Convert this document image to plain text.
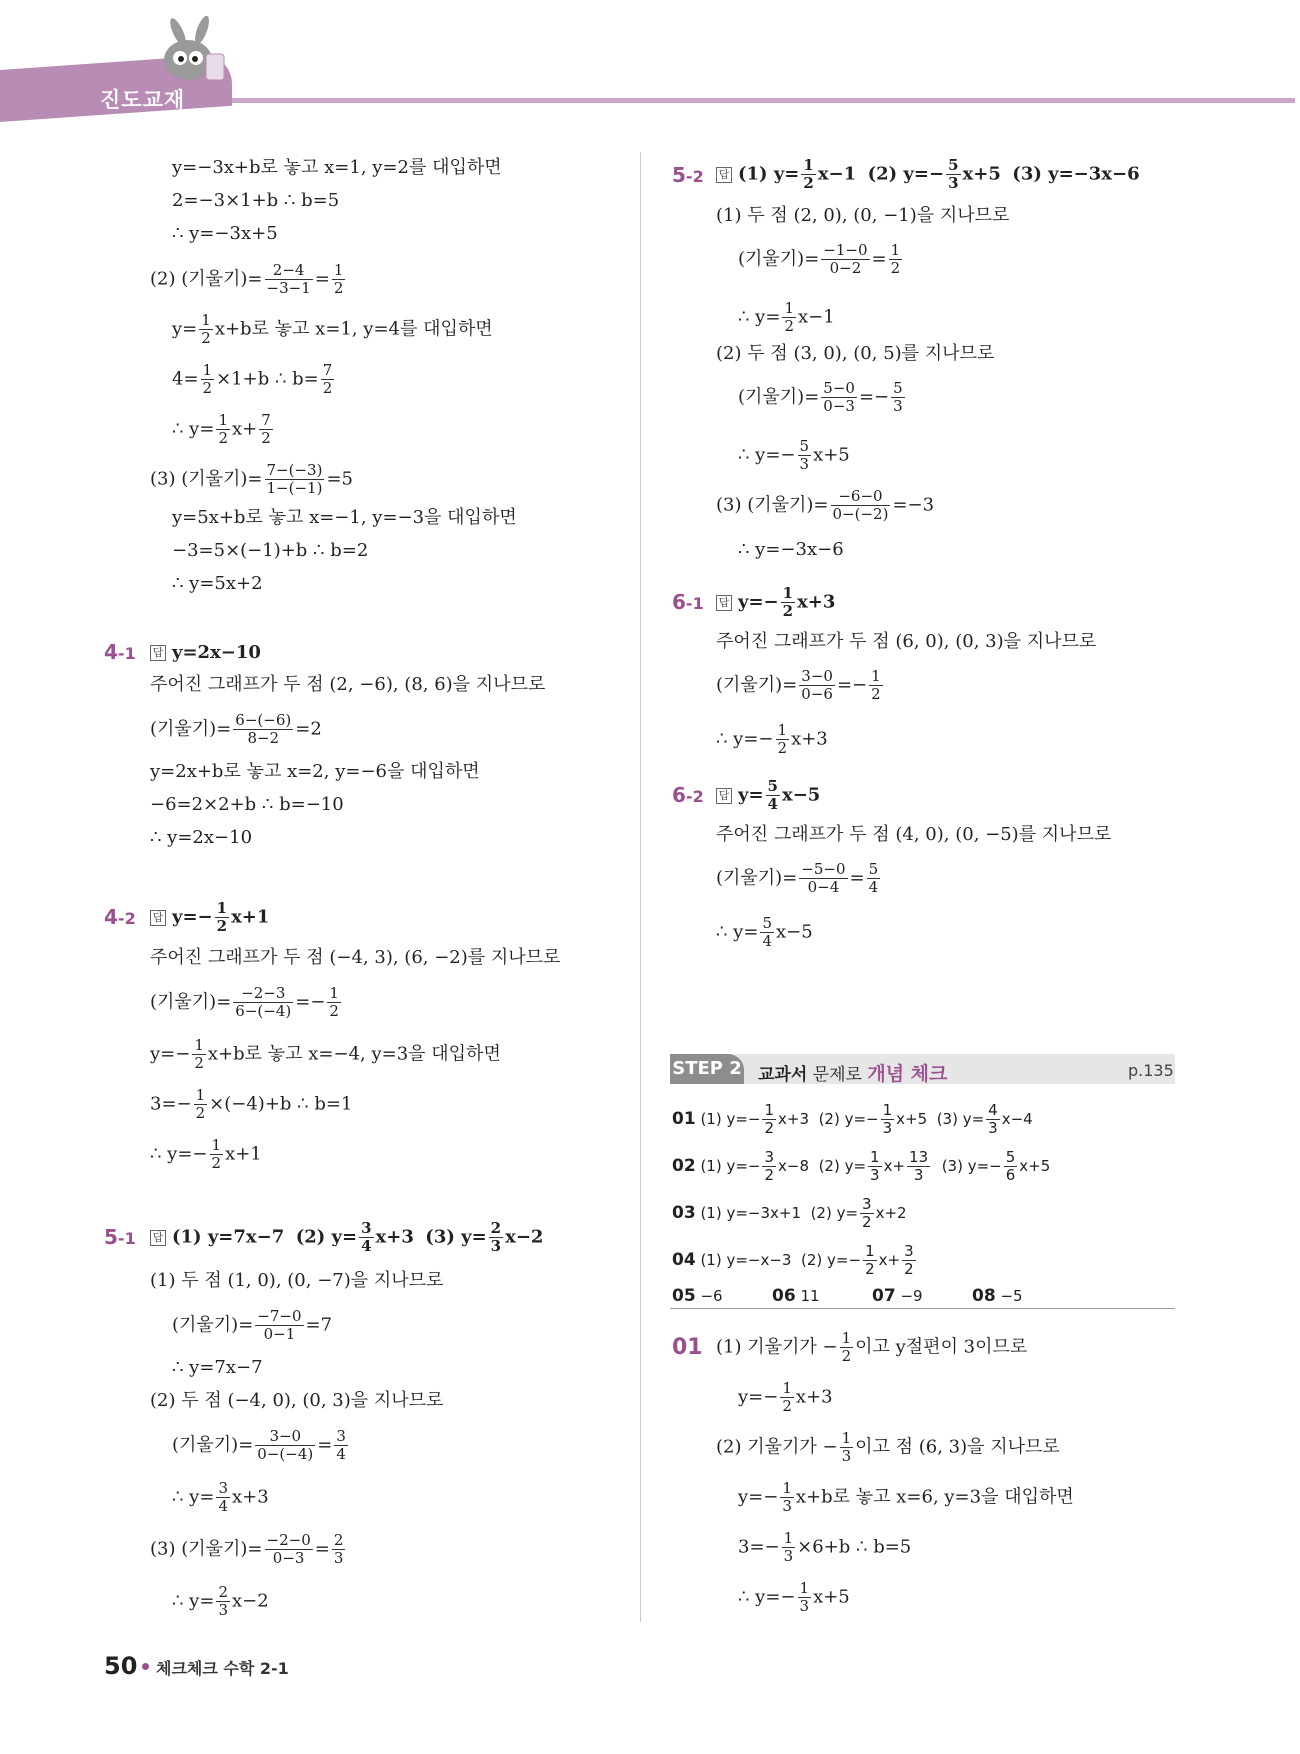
진도교재
y=−3x+b로 놓고 x=1, y=2를 대입하면
2=−3×1+b ∴ b=5
∴ y=−3x+5
(2) (기울기)= $\frac{2-4}{-3-1} = \frac{1}{2}$
$y= \frac{1}{2} x+b$로 놓고 x=1, y=4를 대입하면
$4= \frac{1}{2} \times 1+b$ ∴ $b= \frac{7}{2}$
∴ $y= \frac{1}{2} x+ \frac{7}{2}$
(3) (기울기)= $\frac{7-(-3)}{1-(-1)} =5$
y=5x+b로 놓고 x=−1, y=−3을 대입하면
−3=5×(−1)+b ∴ b=2
∴ y=5x+2
4-1 답 y=2x−10
주어진 그래프가 두 점 (2, −6), (8, 6)을 지나므로
(기울기)= $\frac{6-(-6)}{8-2} =2$
y=2x+b로 놓고 x=2, y=−6을 대입하면
−6=2×2+b ∴ b=−10
∴ y=2x−10
4-2 답 $y=- \frac{1}{2} x+1$
주어진 그래프가 두 점 (−4, 3), (6, −2)를 지나므로
(기울기)= $\frac{-2-3}{6-(-4)} =- \frac{1}{2}$
$y=- \frac{1}{2} x+b$로 놓고 x=−4, y=3을 대입하면
$3=- \frac{1}{2} \times(-4)+b$ ∴ b=1
∴ $y=- \frac{1}{2} x+1$
5-1 답 (1) y=7x−7 (2) $y= \frac{3}{4} x+3$ (3) $y= \frac{2}{3} x-2$
(1) 두 점 (1, 0), (0, −7)을 지나므로
(기울기)= $\frac{-7-0}{0-1} =7$
∴ y=7x−7
(2) 두 점 (−4, 0), (0, 3)을 지나므로
(기울기)= $\frac{3-0}{0-(-4)} = \frac{3}{4}$
∴ $y= \frac{3}{4} x+3$
(3) (기울기)= $\frac{-2-0}{0-3} = \frac{2}{3}$
∴ $y= \frac{2}{3} x-2$
5-2 답 (1) $y= \frac{1}{2} x-1$ (2) $y=- \frac{5}{3} x+5$ (3) y=−3x−6
(1) 두 점 (2, 0), (0, −1)을 지나므로
(기울기)= $\frac{-1-0}{0-2} = \frac{1}{2}$
∴ $y= \frac{1}{2} x-1$
(2) 두 점 (3, 0), (0, 5)를 지나므로
(기울기)= $\frac{5-0}{0-3} =- \frac{5}{3}$
∴ $y=- \frac{5}{3} x+5$
(3) (기울기)= $\frac{-6-0}{0-(-2)} =-3$
∴ y=−3x−6
6-1 답 $y=- \frac{1}{2} x+3$
주어진 그래프가 두 점 (6, 0), (0, 3)을 지나므로
(기울기)= $\frac{3-0}{0-6} =- \frac{1}{2}$
∴ $y=- \frac{1}{2} x+3$
6-2 답 $y= \frac{5}{4} x-5$
주어진 그래프가 두 점 (4, 0), (0, −5)를 지나므로
(기울기)= $\frac{-5-0}{0-4} = \frac{5}{4}$
∴ $y= \frac{5}{4} x-5$
STEP 2 교과서 문제로 개념 체크	p.135
01 (1) $y=- \frac{1}{2} x+3$ (2) $y=- \frac{1}{3} x+5$ (3) $y= \frac{4}{3} x-4$
02 (1) $y=- \frac{3}{2} x-8$ (2) $y= \frac{1}{3} x+ \frac{13}{3} (3)$ $y=- \frac{5}{6} x+5$
03 (1) y=−3x+1 (2) $y= \frac{3}{2} x+2$
04 (1) y=−x−3 (2) $y=- \frac{1}{2} x+ \frac{3}{2}$
05 −6	06 11	07 −9	08 −5
01 (1) 기울기가 − $\frac{1}{2}$ 이고 y절편이 3이므로
$y=- \frac{1}{2} x+3$
(2) 기울기가 − $\frac{1}{3}$ 이고 점 (6, 3)을 지나므로
$y=- \frac{1}{3} x+b$로 놓고 x=6, y=3을 대입하면
$3=- \frac{1}{3} \times 6+b$ ∴ b=5
∴ $y=- \frac{1}{3} x+5$
50 체크체크 수학 2-1
